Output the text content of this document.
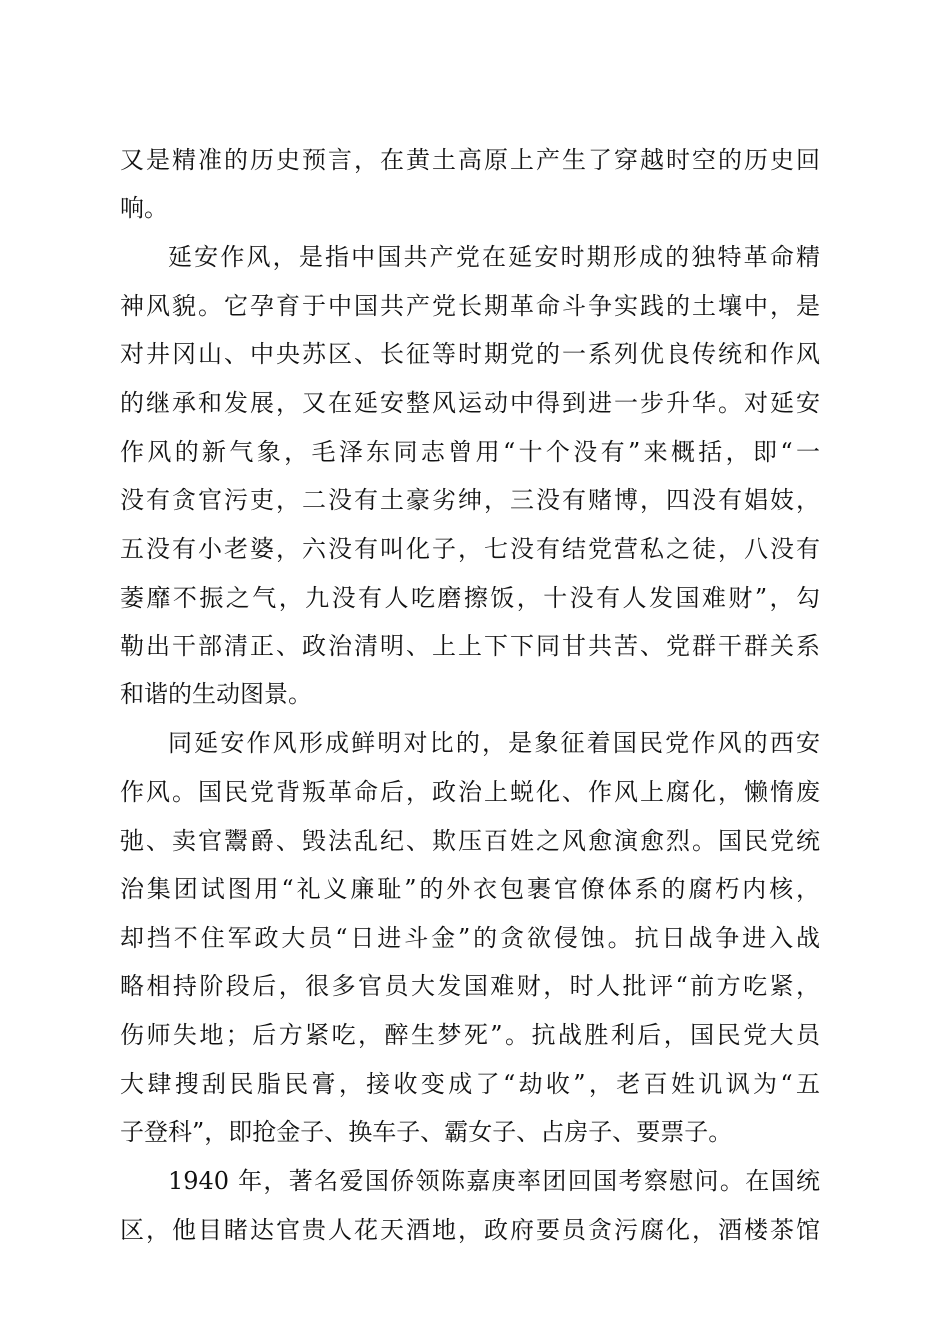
又是精准的历史预言，在黄土高原上产生了穿越时空的历史回
响。
延安作风，是指中国共产党在延安时期形成的独特革命精
神风貌。它孕育于中国共产党长期革命斗争实践的土壤中，是
对井冈山、中央苏区、长征等时期党的一系列优良传统和作风
的继承和发展，又在延安整风运动中得到进一步升华。对延安
作风的新气象，毛泽东同志曾用“十个没有”来概括，即“一
没有贪官污吏，二没有土豪劣绅，三没有赌博，四没有娼妓，
五没有小老婆，六没有叫化子，七没有结党营私之徒，八没有
萎靡不振之气，九没有人吃磨擦饭，十没有人发国难财”，勾
勒出干部清正、政治清明、上上下下同甘共苦、党群干群关系
和谐的生动图景。
同延安作风形成鲜明对比的，是象征着国民党作风的西安
作风。国民党背叛革命后，政治上蜕化、作风上腐化，懒惰废
弛、卖官鬻爵、毁法乱纪、欺压百姓之风愈演愈烈。国民党统
治集团试图用“礼义廉耻”的外衣包裹官僚体系的腐朽内核，
却挡不住军政大员“日进斗金”的贪欲侵蚀。抗日战争进入战
略相持阶段后，很多官员大发国难财，时人批评“前方吃紧，
伤师失地；后方紧吃，醉生梦死”。抗战胜利后，国民党大员
大肆搜刮民脂民膏，接收变成了“劫收”，老百姓讥讽为“五
子登科”，即抢金子、换车子、霸女子、占房子、要票子。
1940 年，著名爱国侨领陈嘉庚率团回国考察慰问。在国统
区，他目睹达官贵人花天酒地，政府要员贪污腐化，酒楼茶馆
